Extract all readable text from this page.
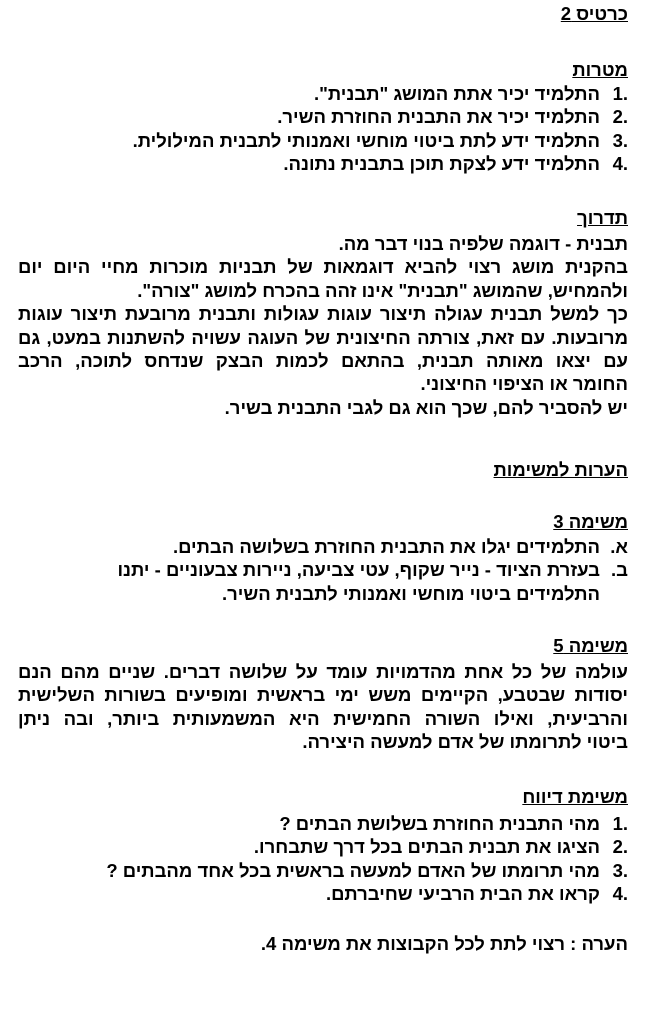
כרטיס 2
מטרות
.1
התלמיד יכיר אתת המושג "תבנית".
.2
התלמיד יכיר את התבנית החוזרת השיר.
.3
התלמיד ידע לתת ביטוי מוחשי ואמנותי לתבנית המילולית.
.4
התלמיד ידע לצקת תוכן בתבנית נתונה.
תדרוך
תבנית - דוגמה שלפיה בנוי דבר מה.
בהקנית מושג רצוי להביא דוגמאות של תבניות מוכרות מחיי היום יום
ולהמחיש, שהמושג "תבנית" אינו זהה בהכרח למושג "צורה".
כך למשל תבנית עגולה תיצור עוגות עגולות ותבנית מרובעת תיצור עוגות
מרובעות. עם זאת, צורתה החיצונית של העוגה עשויה להשתנות במעט, גם
עם יצאו מאותה תבנית, בהתאם לכמות הבצק שנדחס לתוכה, הרכב
החומר או הציפוי החיצוני.
יש להסביר להם, שכך הוא גם לגבי התבנית בשיר.
הערות למשימות
משימה 3
א.
התלמידים יגלו את התבנית החוזרת בשלושה הבתים.
ב.
בעזרת הציוד - נייר שקוף, עטי צביעה, ניירות צבעוניים - יתנו
התלמידים ביטוי מוחשי ואמנותי לתבנית השיר.
משימה 5
עולמה של כל אחת מהדמויות עומד על שלושה דברים. שניים מהם הנם
יסודות שבטבע, הקיימים משש ימי בראשית ומופיעים בשורות השלישית
והרביעית, ואילו השורה החמישית היא המשמעותית ביותר, ובה ניתן
ביטוי לתרומתו של אדם למעשה היצירה.
משימת דיווח
.1
מהי התבנית החוזרת בשלושת הבתים ?
.2
הציגו את תבנית הבתים בכל דרך שתבחרו.
.3
מהי תרומתו של האדם למעשה בראשית בכל אחד מהבתים ?
.4
קראו את הבית הרביעי שחיברתם.
הערה : רצוי לתת לכל הקבוצות את משימה 4.
